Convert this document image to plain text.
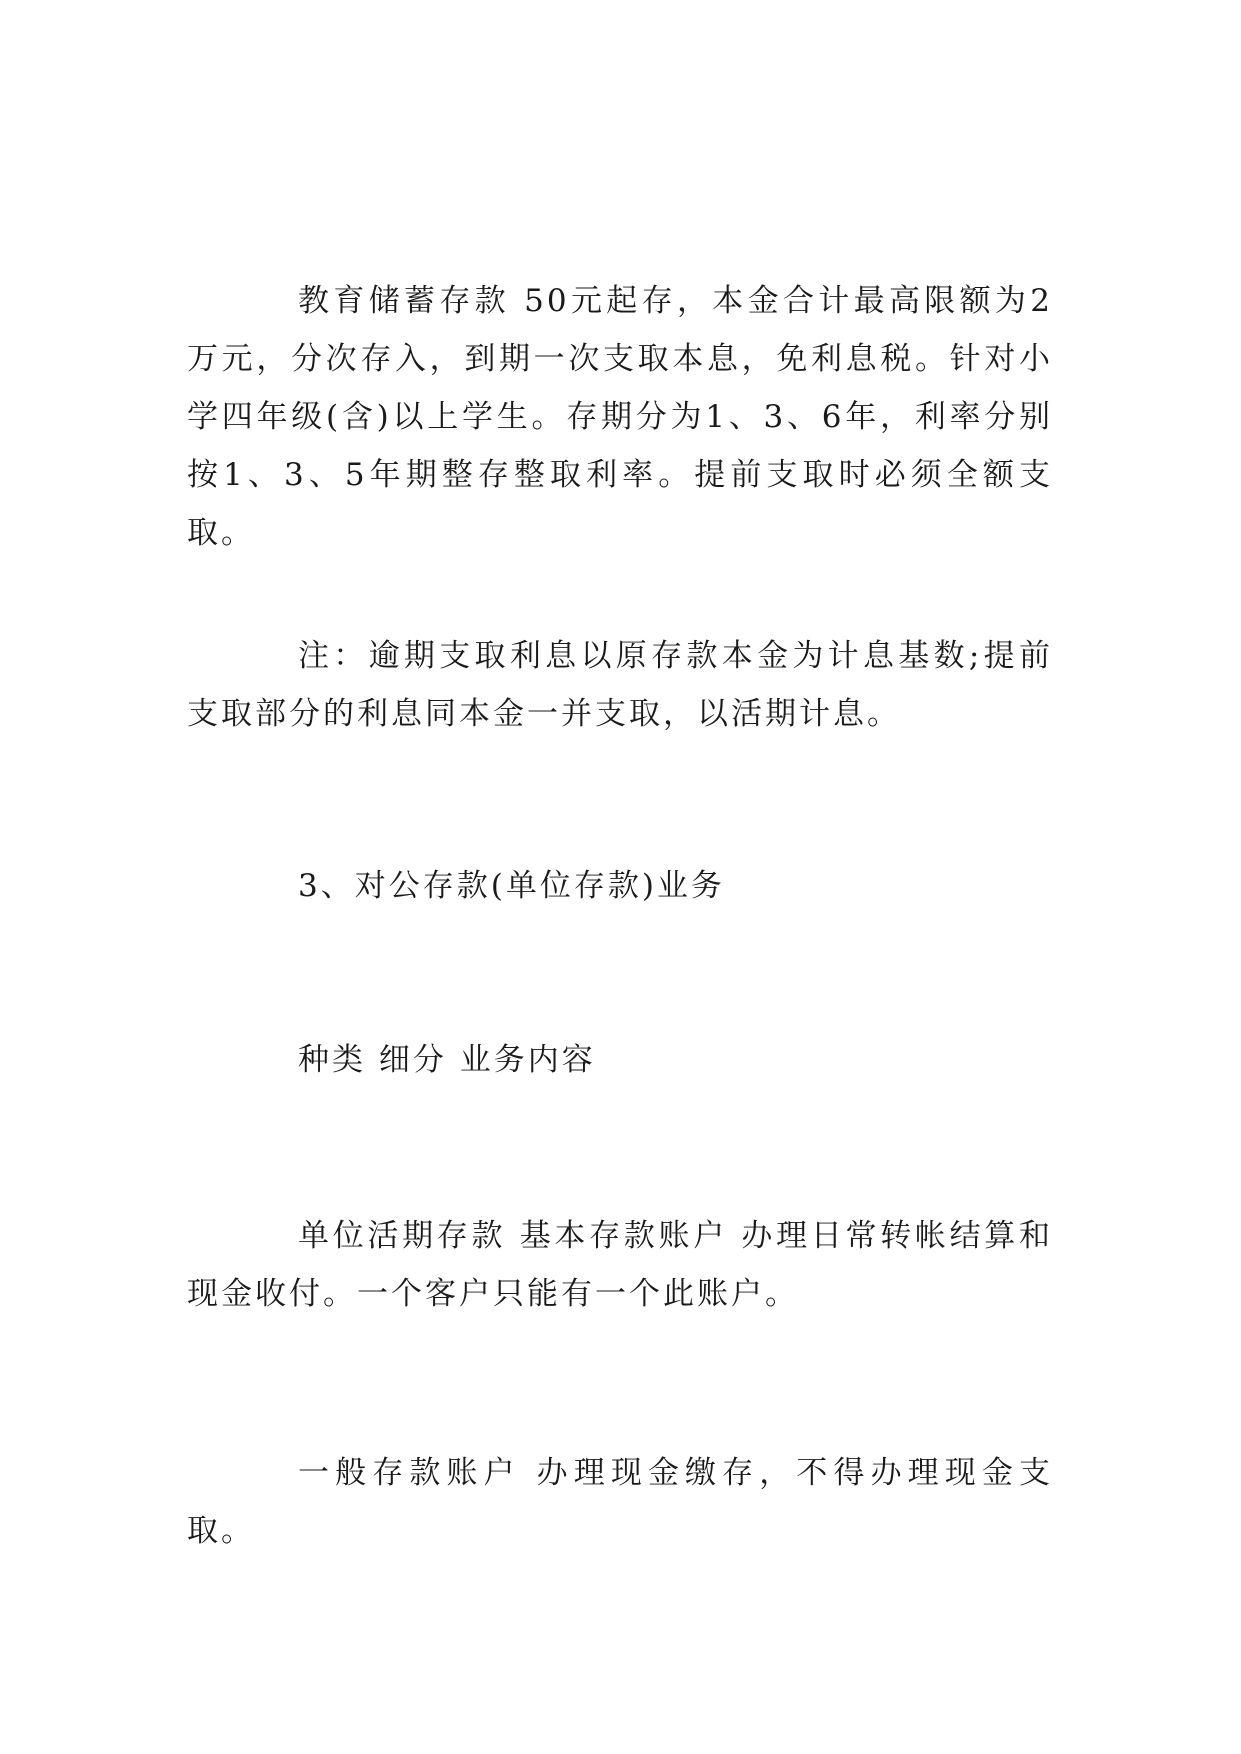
教育储蓄存款 50元起存，本金合计最高限额为2万元，分次存入，到期一次支取本息，免利息税。针对小学四年级(含)以上学生。存期分为1、3、6年，利率分别按1、3、5年期整存整取利率。提前支取时必须全额支取。

注：逾期支取利息以原存款本金为计息基数;提前支取部分的利息同本金一并支取，以活期计息。

3、对公存款(单位存款)业务

种类 细分 业务内容

单位活期存款 基本存款账户 办理日常转帐结算和现金收付。一个客户只能有一个此账户。

一般存款账户 办理现金缴存，不得办理现金支取。
